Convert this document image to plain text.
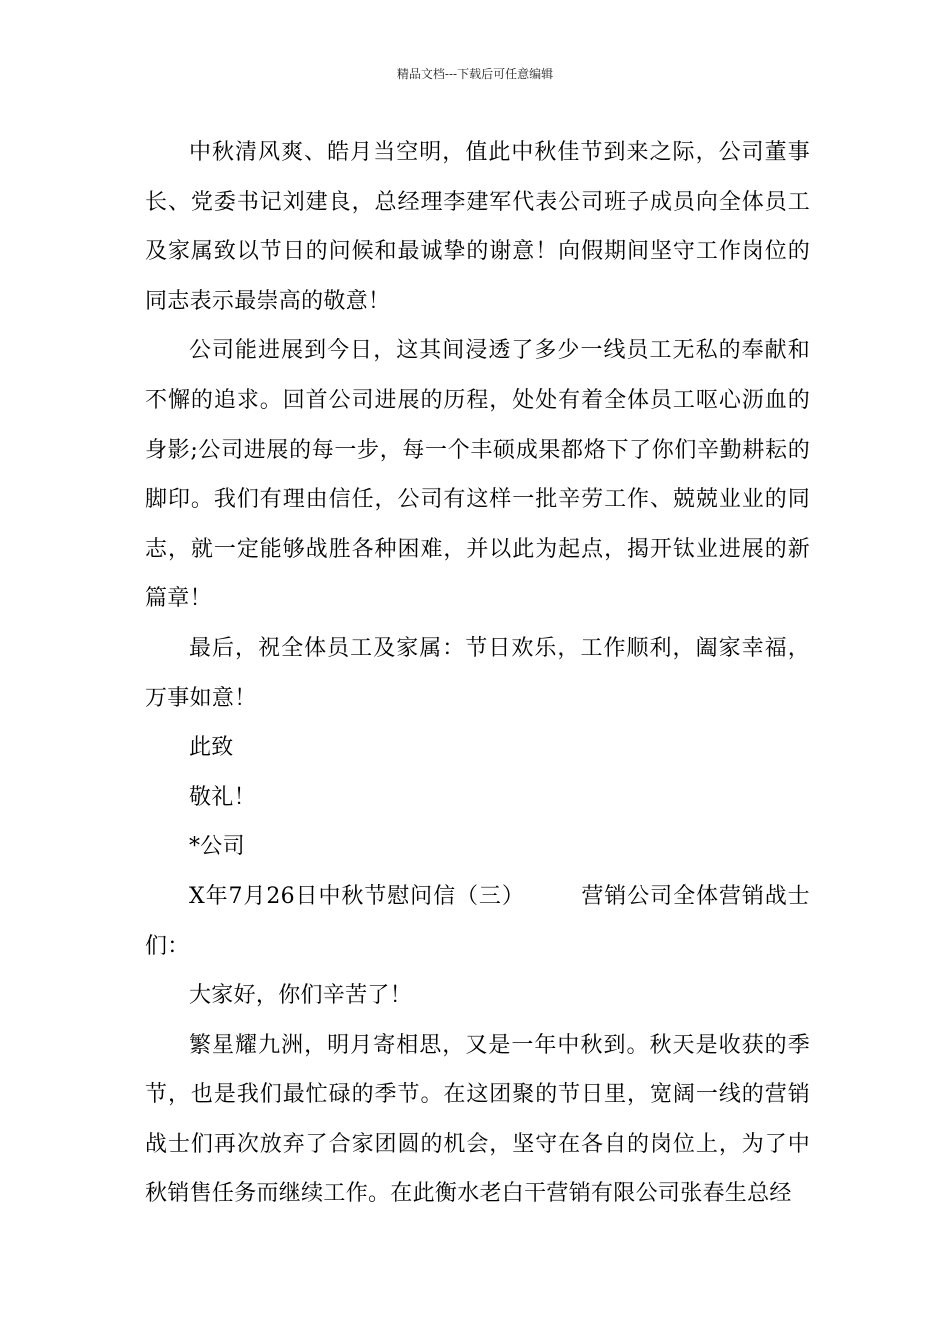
精品文档---下载后可任意编辑

中秋清风爽、皓月当空明，值此中秋佳节到来之际，公司董事长、党委书记刘建良，总经理李建军代表公司班子成员向全体员工及家属致以节日的问候和最诚挚的谢意！向假期间坚守工作岗位的同志表示最崇高的敬意！

公司能进展到今日，这其间浸透了多少一线员工无私的奉献和不懈的追求。回首公司进展的历程，处处有着全体员工呕心沥血的身影;公司进展的每一步，每一个丰硕成果都烙下了你们辛勤耕耘的脚印。我们有理由信任，公司有这样一批辛劳工作、兢兢业业的同志，就一定能够战胜各种困难，并以此为起点，揭开钛业进展的新篇章！

最后，祝全体员工及家属：节日欢乐，工作顺利，阖家幸福，万事如意！

此致

敬礼！

*公司

X年7月26日中秋节慰问信（三）	营销公司全体营销战士们：

大家好，你们辛苦了！

繁星耀九洲，明月寄相思，又是一年中秋到。秋天是收获的季节，也是我们最忙碌的季节。在这团聚的节日里，宽阔一线的营销战士们再次放弃了合家团圆的机会，坚守在各自的岗位上，为了中秋销售任务而继续工作。在此衡水老白干营销有限公司张春生总经
